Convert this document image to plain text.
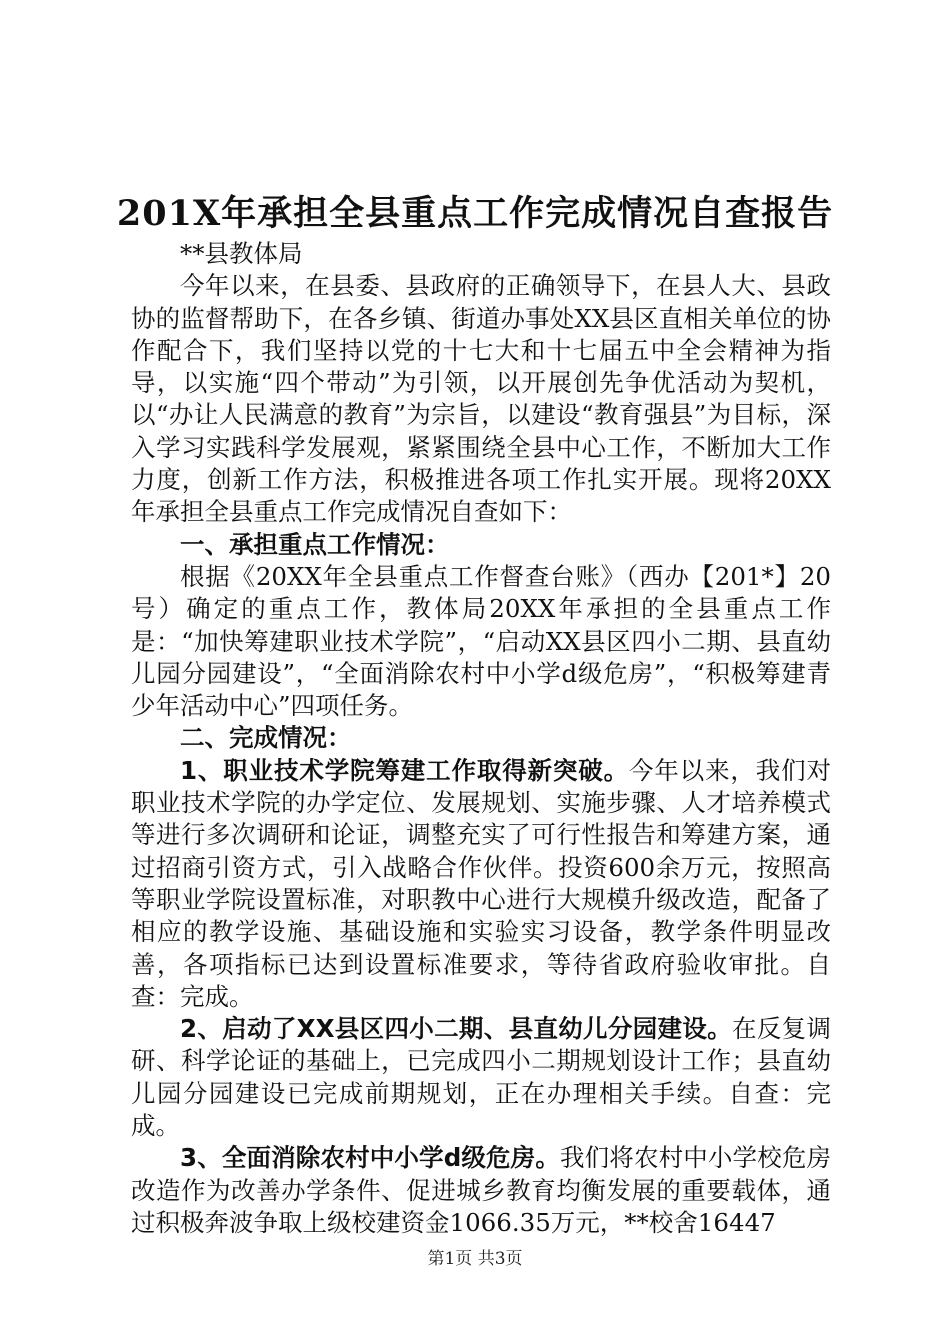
201X年承担全县重点工作完成情况自查报告

**县教体局

今年以来，在县委、县政府的正确领导下，在县人大、县政协的监督帮助下，在各乡镇、街道办事处XX县区直相关单位的协作配合下，我们坚持以党的十七大和十七届五中全会精神为指导，以实施“四个带动”为引领，以开展创先争优活动为契机，以“办让人民满意的教育”为宗旨，以建设“教育强县”为目标，深入学习实践科学发展观，紧紧围绕全县中心工作，不断加大工作力度，创新工作方法，积极推进各项工作扎实开展。现将20XX年承担全县重点工作完成情况自查如下：

一、承担重点工作情况：

根据《20XX年全县重点工作督查台账》（西办【201*】20号）确定的重点工作，教体局20XX年承担的全县重点工作是：“加快筹建职业技术学院”，“启动XX县区四小二期、县直幼儿园分园建设”，“全面消除农村中小学d级危房”，“积极筹建青少年活动中心”四项任务。

二、完成情况：

1、职业技术学院筹建工作取得新突破。今年以来，我们对职业技术学院的办学定位、发展规划、实施步骤、人才培养模式等进行多次调研和论证，调整充实了可行性报告和筹建方案，通过招商引资方式，引入战略合作伙伴。投资600余万元，按照高等职业学院设置标准，对职教中心进行大规模升级改造，配备了相应的教学设施、基础设施和实验实习设备，教学条件明显改善，各项指标已达到设置标准要求，等待省政府验收审批。自查：完成。

2、启动了XX县区四小二期、县直幼儿分园建设。在反复调研、科学论证的基础上，已完成四小二期规划设计工作；县直幼儿园分园建设已完成前期规划，正在办理相关手续。自查：完成。

3、全面消除农村中小学d级危房。我们将农村中小学校危房改造作为改善办学条件、促进城乡教育均衡发展的重要载体，通过积极奔波争取上级校建资金1066.35万元，**校舍16447

第1页 共3页
